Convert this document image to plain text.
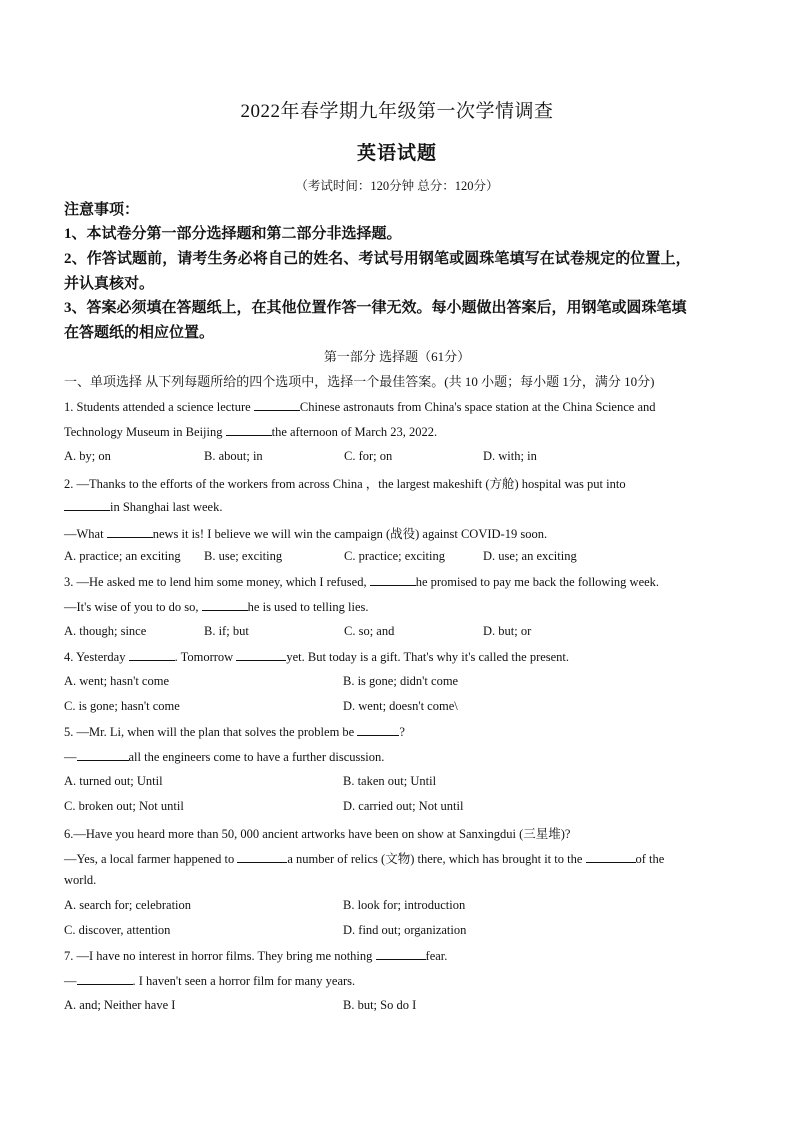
2022年春学期九年级第一次学情调查
英语试题
（考试时间：120分钟 总分：120分）
注意事项：
1、本试卷分第一部分选择题和第二部分非选择题。
2、作答试题前，请考生务必将自己的姓名、考试号用钢笔或圆珠笔填写在试卷规定的位置上，
并认真核对。
3、答案必须填在答题纸上，在其他位置作答一律无效。每小题做出答案后，用钢笔或圆珠笔填
在答题纸的相应位置。
第一部分 选择题（61分）
一、单项选择 从下列每题所给的四个选项中，选择一个最佳答案。(共 10 小题；每小题 1分，满分 10分)
1. Students attended a science lecture	Chinese astronauts from China's space station at the China Science and
Technology Museum in Beijing	the afternoon of March 23, 2022.
A. by; on	B. about; in	C. for; on	D. with; in
2. —Thanks to the efforts of the workers from across China ，the largest makeshift (方舱) hospital was put into
in Shanghai last week.
—What	news it is! I believe we will win the campaign (战役) against COVID-19 soon.
A. practice; an exciting B. use; exciting	C. practice; exciting	D. use; an exciting
3. —He asked me to lend him some money, which I refused,	he promised to pay me back the following week.
—It's wise of you to do so,	he is used to telling lies.
A. though; since	B. if; but	C. so; and	D. but; or
4. Yesterday	. Tomorrow	yet. But today is a gift. That's why it's called the present.
A. went; hasn't come	B. is gone; didn't come
C. is gone; hasn't come	D. went; doesn't come\
5. —Mr. Li, when will the plan that solves the problem be	?
—	all the engineers come to have a further discussion.
A. turned out; Until	B. taken out; Until
C. broken out; Not until	D. carried out; Not until
6.—Have you heard more than 50, 000 ancient artworks have been on show at Sanxingdui (三星堆)?
—Yes, a local farmer happened to	a number of relics (文物) there, which has brought it to the	of the
world.
A. search for; celebration	B. look for; introduction
C. discover, attention	D. find out; organization
7. —I have no interest in horror films. They bring me nothing	fear.
—	. I haven't seen a horror film for many years.
A. and; Neither have I	B. but; So do I
